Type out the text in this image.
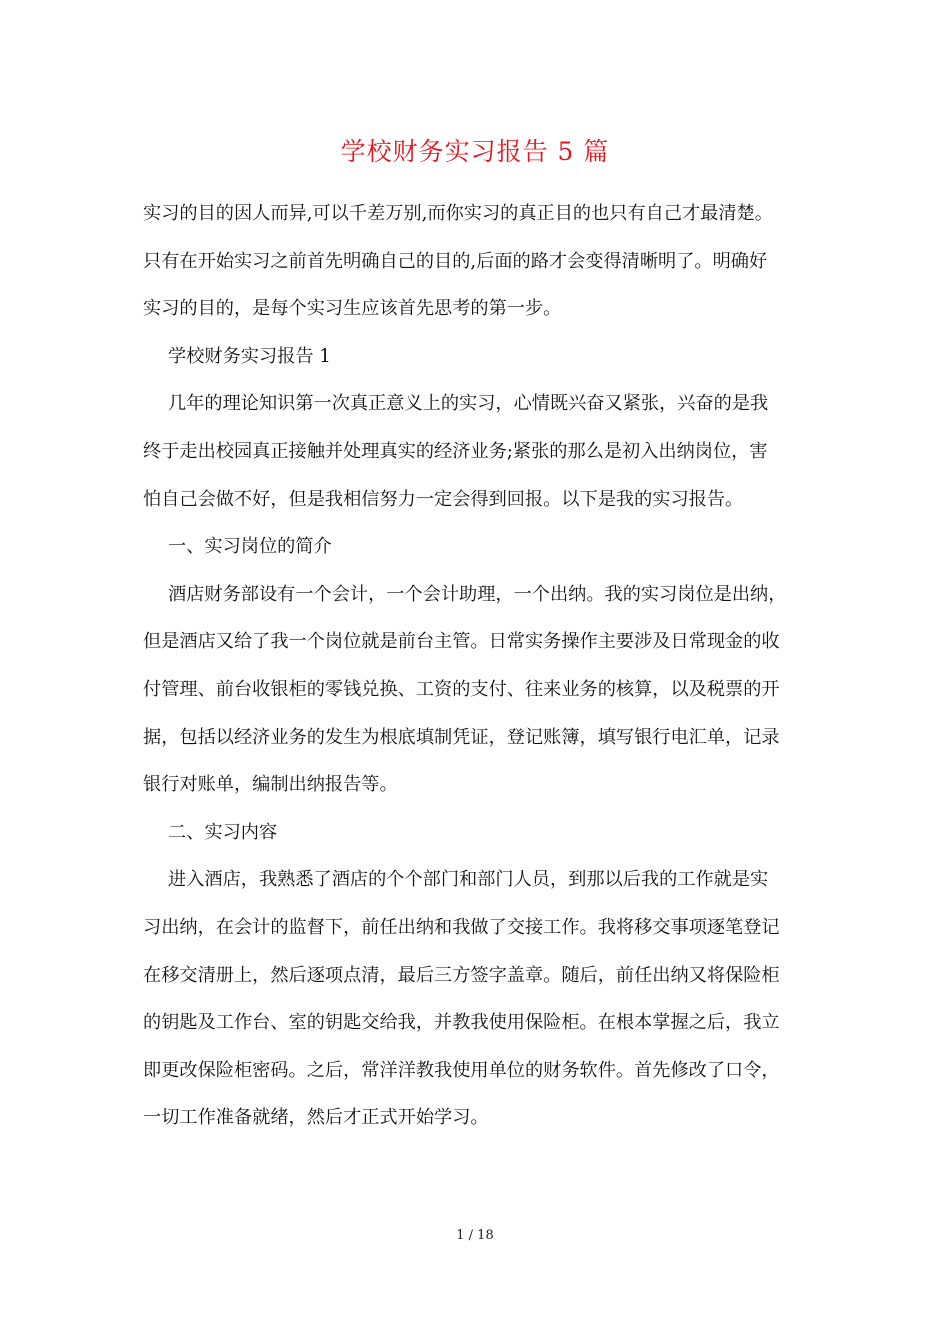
学校财务实习报告 5 篇
实习的目的因人而异,可以千差万别,而你实习的真正目的也只有自己才最清楚。
只有在开始实习之前首先明确自己的目的,后面的路才会变得清晰明了。明确好
实习的目的，是每个实习生应该首先思考的第一步。
学校财务实习报告 1
几年的理论知识第一次真正意义上的实习，心情既兴奋又紧张，兴奋的是我
终于走出校园真正接触并处理真实的经济业务;紧张的那么是初入出纳岗位，害
怕自己会做不好，但是我相信努力一定会得到回报。以下是我的实习报告。
一、实习岗位的简介
酒店财务部设有一个会计，一个会计助理，一个出纳。我的实习岗位是出纳，
但是酒店又给了我一个岗位就是前台主管。日常实务操作主要涉及日常现金的收
付管理、前台收银柜的零钱兑换、工资的支付、往来业务的核算，以及税票的开
据，包括以经济业务的发生为根底填制凭证，登记账簿，填写银行电汇单，记录
银行对账单，编制出纳报告等。
二、实习内容
进入酒店，我熟悉了酒店的个个部门和部门人员，到那以后我的工作就是实
习出纳，在会计的监督下，前任出纳和我做了交接工作。我将移交事项逐笔登记
在移交清册上，然后逐项点清，最后三方签字盖章。随后，前任出纳又将保险柜
的钥匙及工作台、室的钥匙交给我，并教我使用保险柜。在根本掌握之后，我立
即更改保险柜密码。之后，常洋洋教我使用单位的财务软件。首先修改了口令，
一切工作准备就绪，然后才正式开始学习。
1 / 18
